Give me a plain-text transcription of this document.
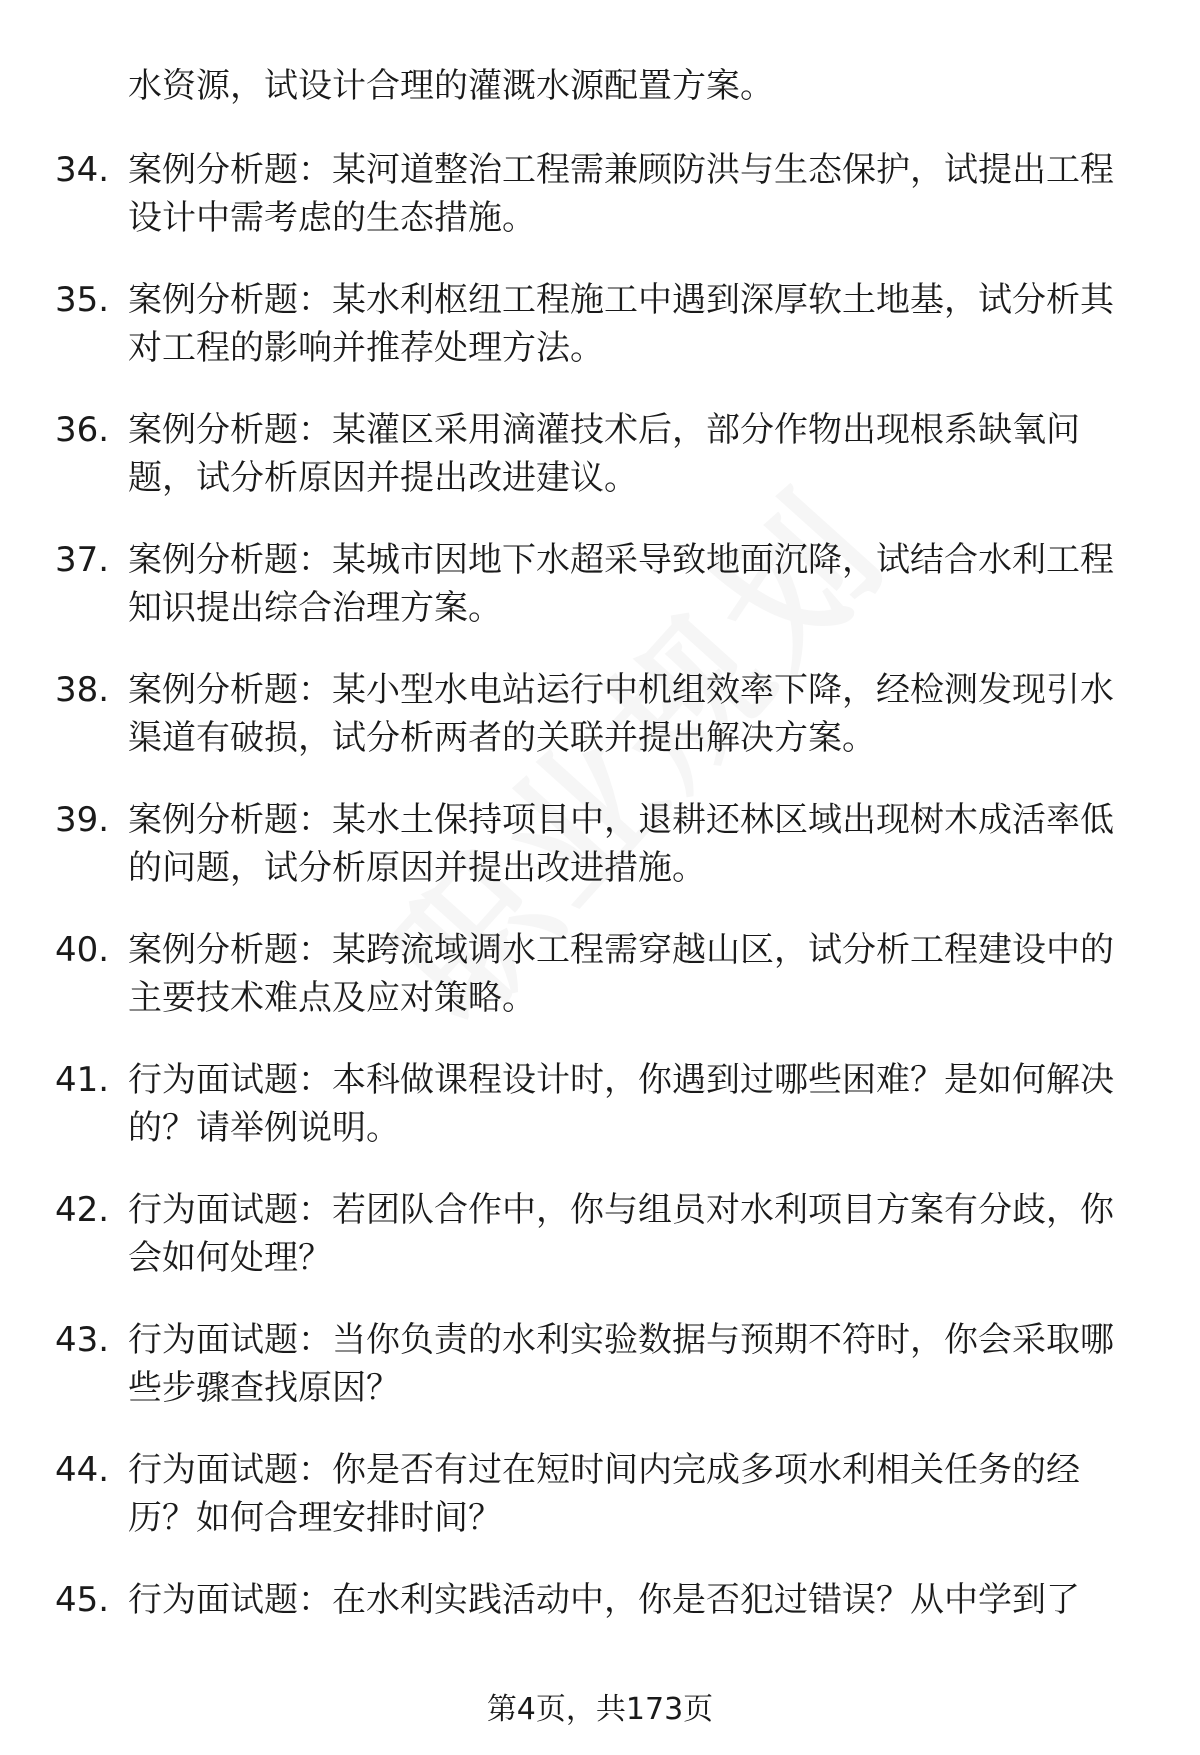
水资源，试设计合理的灌溉水源配置方案。
34. 案例分析题：某河道整治工程需兼顾防洪与生态保护，试提出工程设计中需考虑的生态措施。
35. 案例分析题：某水利枢纽工程施工中遇到深厚软土地基，试分析其对工程的影响并推荐处理方法。
36. 案例分析题：某灌区采用滴灌技术后，部分作物出现根系缺氧问题，试分析原因并提出改进建议。
37. 案例分析题：某城市因地下水超采导致地面沉降，试结合水利工程知识提出综合治理方案。
38. 案例分析题：某小型水电站运行中机组效率下降，经检测发现引水渠道有破损，试分析两者的关联并提出解决方案。
39. 案例分析题：某水土保持项目中，退耕还林区域出现树木成活率低的问题，试分析原因并提出改进措施。
40. 案例分析题：某跨流域调水工程需穿越山区，试分析工程建设中的主要技术难点及应对策略。
41. 行为面试题：本科做课程设计时，你遇到过哪些困难？是如何解决的？请举例说明。
42. 行为面试题：若团队合作中，你与组员对水利项目方案有分歧，你会如何处理？
43. 行为面试题：当你负责的水利实验数据与预期不符时，你会采取哪些步骤查找原因？
44. 行为面试题：你是否有过在短时间内完成多项水利相关任务的经历？如何合理安排时间？
45. 行为面试题：在水利实践活动中，你是否犯过错误？从中学到了
第4页，共173页
